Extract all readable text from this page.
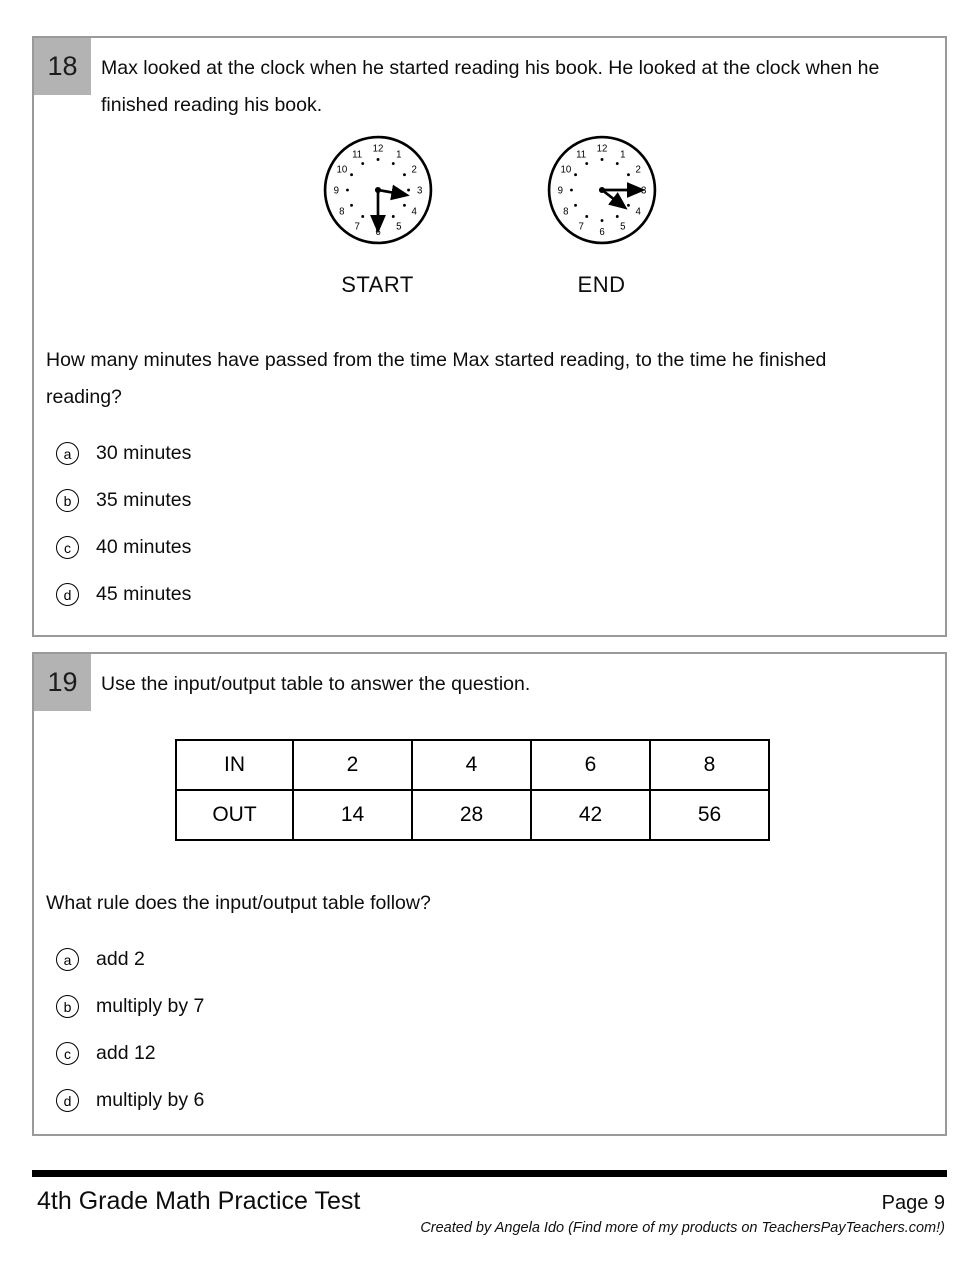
18	Max looked at the clock when he started reading his book. He looked at the clock when he finished reading his book.
12
1
2
3
4
5
6
7
8
9
10
11
START
12
1
2
3
4
5
6
7
8
9
10
11
END
How many minutes have passed from the time Max started reading, to the time he finished reading?
a	30 minutes
b	35 minutes
c	40 minutes
d	45 minutes
19	Use the input/output table to answer the question.
IN	2	4	6	8
OUT	14	28	42	56
What rule does the input/output table follow?
a	add 2
b	multiply by 7
c	add 12
d	multiply by 6
4th Grade Math Practice Test	Page 9
Created by Angela Ido (Find more of my products on TeachersPayTeachers.com!)
